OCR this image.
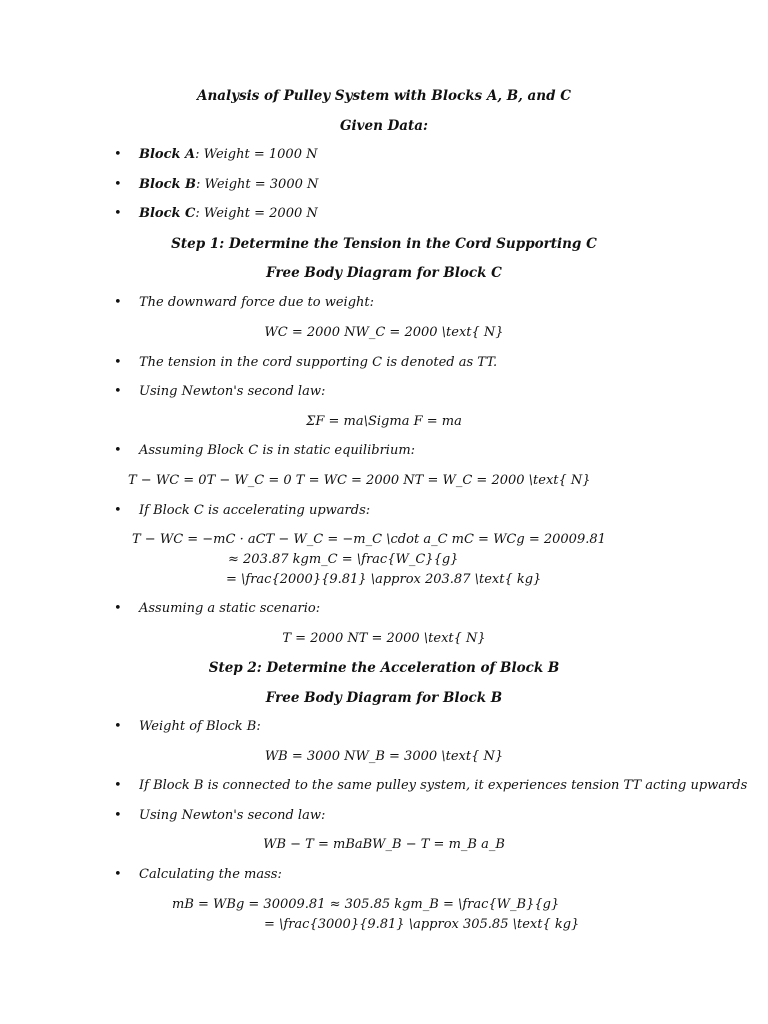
Analysis of Pulley System with Blocks A, B, and C
Given Data:
• Block A: Weight = 1000 N
• Block B: Weight = 3000 N
• Block C: Weight = 2000 N
Step 1: Determine the Tension in the Cord Supporting C
Free Body Diagram for Block C
• The downward force due to weight:
WC = 2000 NW_C = 2000 \text{ N}
• The tension in the cord supporting C is denoted as TT.
• Using Newton's second law:
ΣF = ma\Sigma F = ma
• Assuming Block C is in static equilibrium:
T − WC = 0T − W_C = 0 T = WC = 2000 NT = W_C = 2000 \text{ N}
• If Block C is accelerating upwards:
T − WC = −mC · aCT − W_C = −m_C \cdot a_C mC = WCg = 20009.81
≈ 203.87 kgm_C = \frac{W_C}{g}
= \frac{2000}{9.81} \approx 203.87 \text{ kg}
• Assuming a static scenario:
T = 2000 NT = 2000 \text{ N}
Step 2: Determine the Acceleration of Block B
Free Body Diagram for Block B
• Weight of Block B:
WB = 3000 NW_B = 3000 \text{ N}
• If Block B is connected to the same pulley system, it experiences tension TT acting upwards
• Using Newton's second law:
WB − T = mBaBW_B − T = m_B a_B
• Calculating the mass:
mB = WBg = 30009.81 ≈ 305.85 kgm_B = \frac{W_B}{g}
= \frac{3000}{9.81} \approx 305.85 \text{ kg}
